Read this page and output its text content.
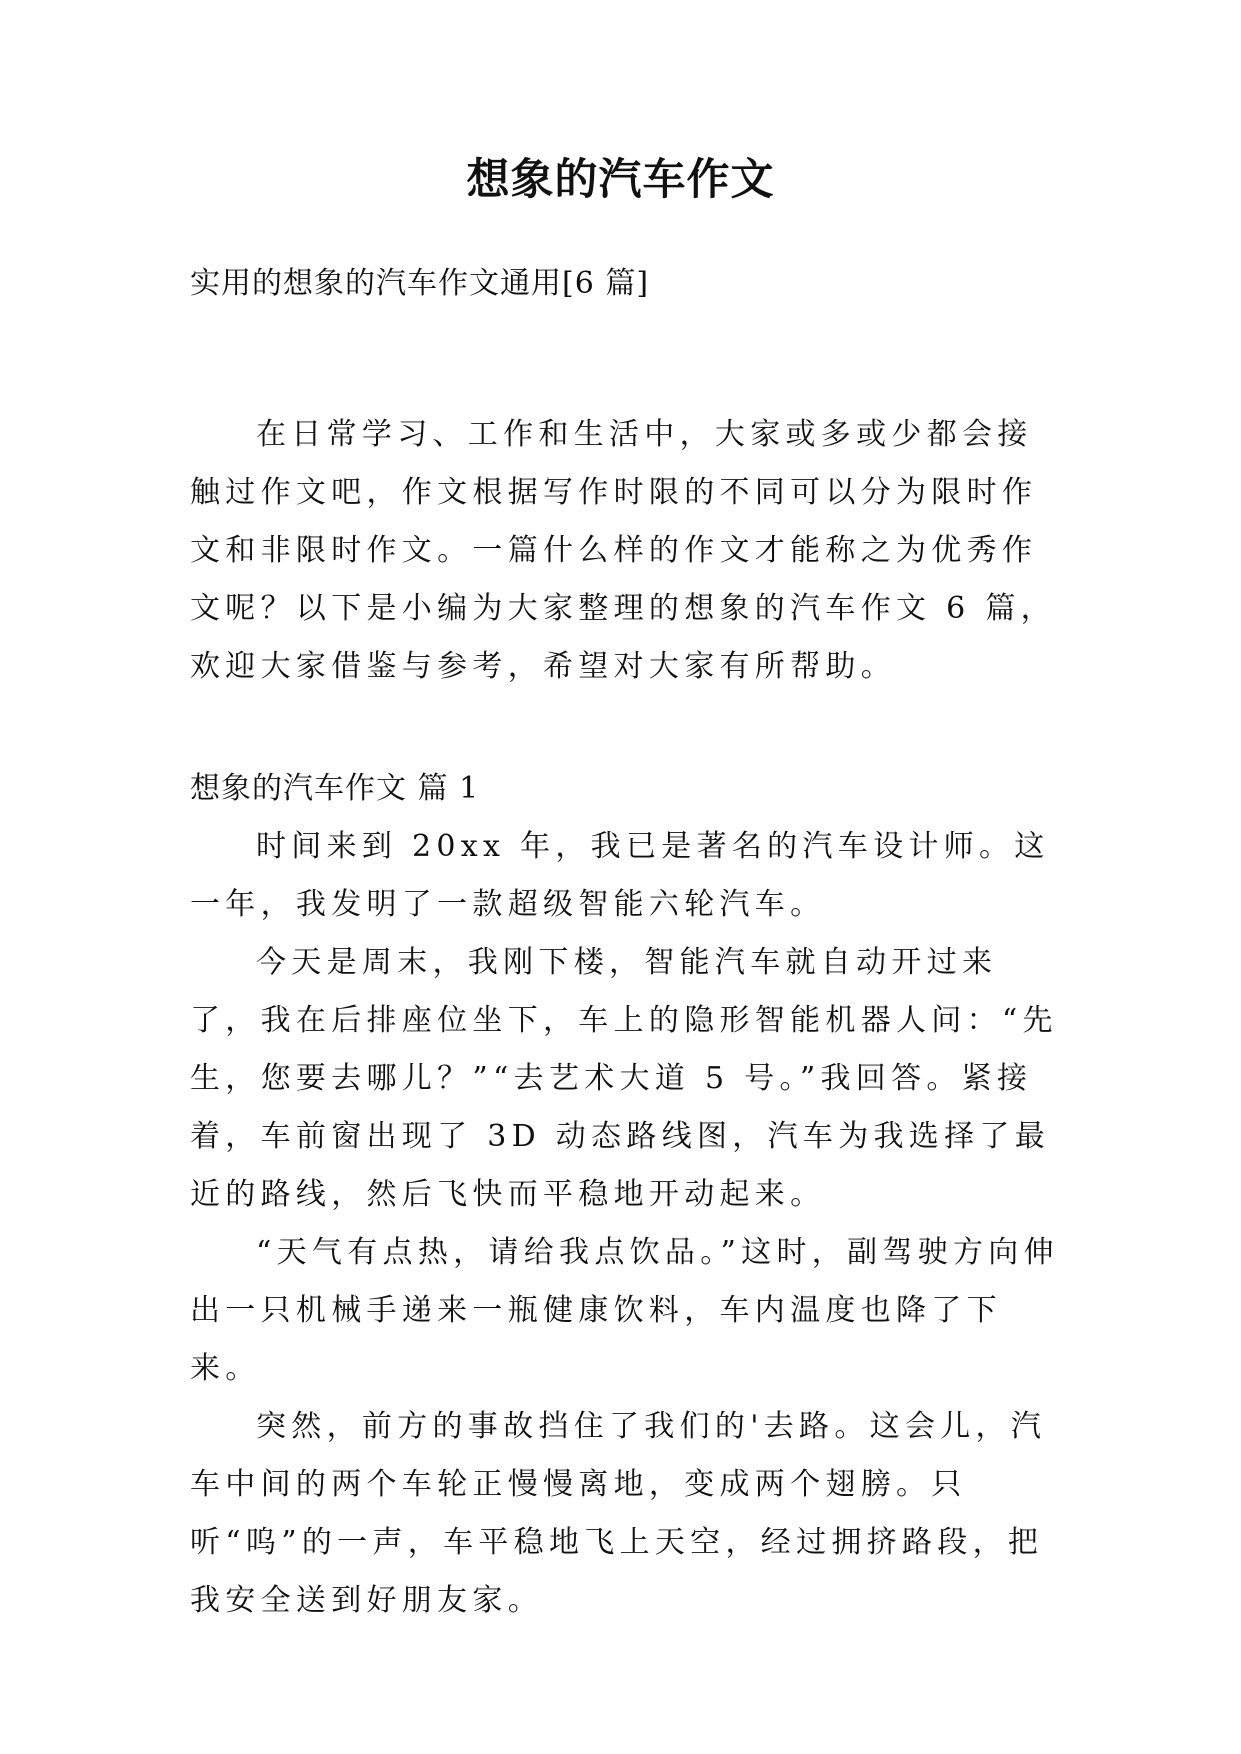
想象的汽车作文
实用的想象的汽车作文通用[6 篇]

在日常学习、工作和生活中，大家或多或少都会接触过作文吧，作文根据写作时限的不同可以分为限时作文和非限时作文。一篇什么样的作文才能称之为优秀作文呢？以下是小编为大家整理的想象的汽车作文 6 篇，欢迎大家借鉴与参考，希望对大家有所帮助。

想象的汽车作文 篇 1

时间来到 20xx 年，我已是著名的汽车设计师。这一年，我发明了一款超级智能六轮汽车。

今天是周末，我刚下楼，智能汽车就自动开过来了，我在后排座位坐下，车上的隐形智能机器人问：“先生，您要去哪儿？”“去艺术大道 5 号。”我回答。紧接着，车前窗出现了 3D 动态路线图，汽车为我选择了最近的路线，然后飞快而平稳地开动起来。

“天气有点热，请给我点饮品。”这时，副驾驶方向伸出一只机械手递来一瓶健康饮料，车内温度也降了下来。

突然，前方的事故挡住了我们的'去路。这会儿，汽车中间的两个车轮正慢慢离地，变成两个翅膀。只听“呜”的一声，车平稳地飞上天空，经过拥挤路段，把我安全送到好朋友家。
